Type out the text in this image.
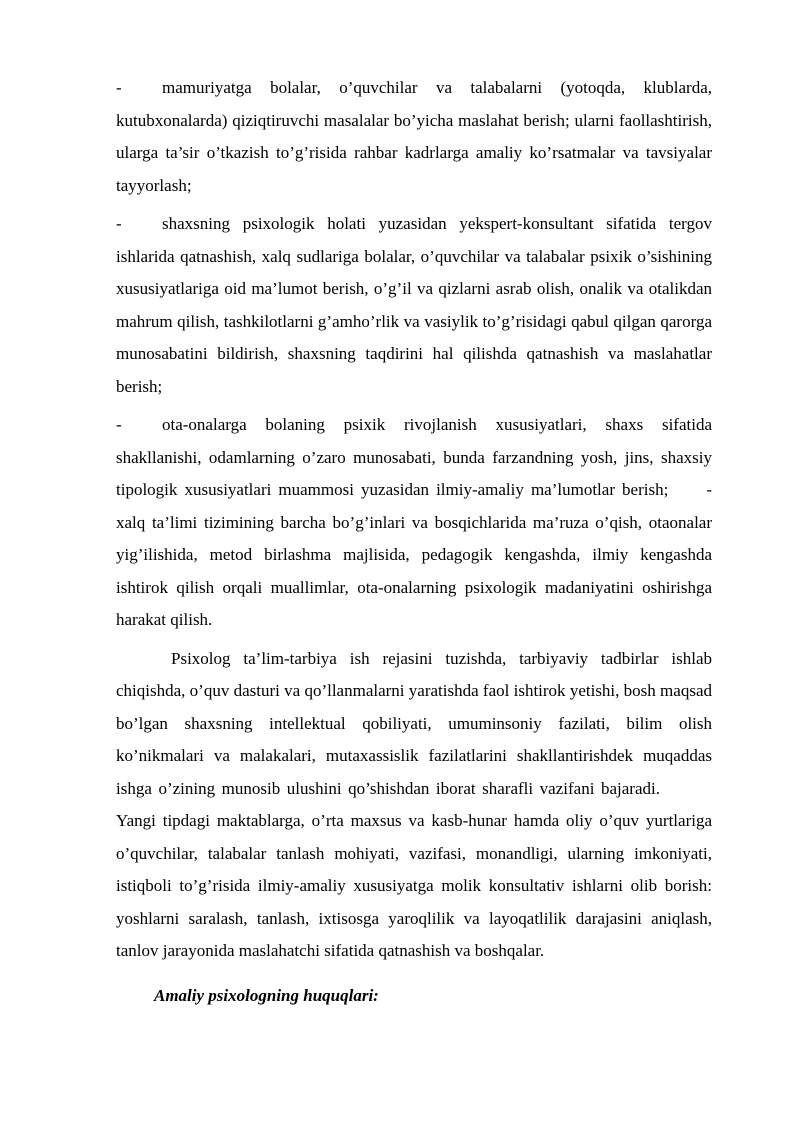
- mamuriyatga bolalar, o’quvchilar va talabalarni (yotoqda, klublarda, kutubxonalarda) qiziqtiruvchi masalalar bo’yicha maslahat berish; ularni faollashtirish, ularga ta’sir o’tkazish to’g’risida rahbar kadrlarga amaliy ko’rsatmalar va tavsiyalar tayyorlash;

- shaxsning psixologik holati yuzasidan yekspert-konsultant sifatida tergov ishlarida qatnashish, xalq sudlariga bolalar, o’quvchilar va talabalar psixik o’sishining xususiyatlariga oid ma’lumot berish, o’g’il va qizlarni asrab olish, onalik va otalikdan mahrum qilish, tashkilotlarni g’amho’rlik va vasiylik to’g’risidagi qabul qilgan qarorga munosabatini bildirish, shaxsning taqdirini hal qilishda qatnashish va maslahatlar berish;

- ota-onalarga bolaning psixik rivojlanish xususiyatlari, shaxs sifatida shakllanishi, odamlarning o’zaro munosabati, bunda farzandning yosh, jins, shaxsiy tipologik xususiyatlari muammosi yuzasidan ilmiy-amaliy ma’lumotlar berish; - xalq ta’limi tizimining barcha bo’g’inlari va bosqichlarida ma’ruza o’qish, otaonalar yig’ilishida, metod birlashma majlisida, pedagogik kengashda, ilmiy kengashda ishtirok qilish orqali muallimlar, ota-onalarning psixologik madaniyatini oshirishga harakat qilish.

Psixolog ta’lim-tarbiya ish rejasini tuzishda, tarbiyaviy tadbirlar ishlab chiqishda, o’quv dasturi va qo’llanmalarni yaratishda faol ishtirok yetishi, bosh maqsad bo’lgan shaxsning intellektual qobiliyati, umuminsoniy fazilati, bilim olish ko’nikmalari va malakalari, mutaxassislik fazilatlarini shakllantirishdek muqaddas ishga o’zining munosib ulushini qo’shishdan iborat sharafli vazifani bajaradi.Yangi tipdagi maktablarga, o’rta maxsus va kasb-hunar hamda oliy o’quv yurtlariga o’quvchilar, talabalar tanlash mohiyati, vazifasi, monandligi, ularning imkoniyati, istiqboli to’g’risida ilmiy-amaliy xususiyatga molik konsultativ ishlarni olib borish: yoshlarni saralash, tanlash, ixtisosga yaroqlilik va layoqatlilik darajasini aniqlash, tanlov jarayonida maslahatchi sifatida qatnashish va boshqalar.

Amaliy psixologning huquqlari:
